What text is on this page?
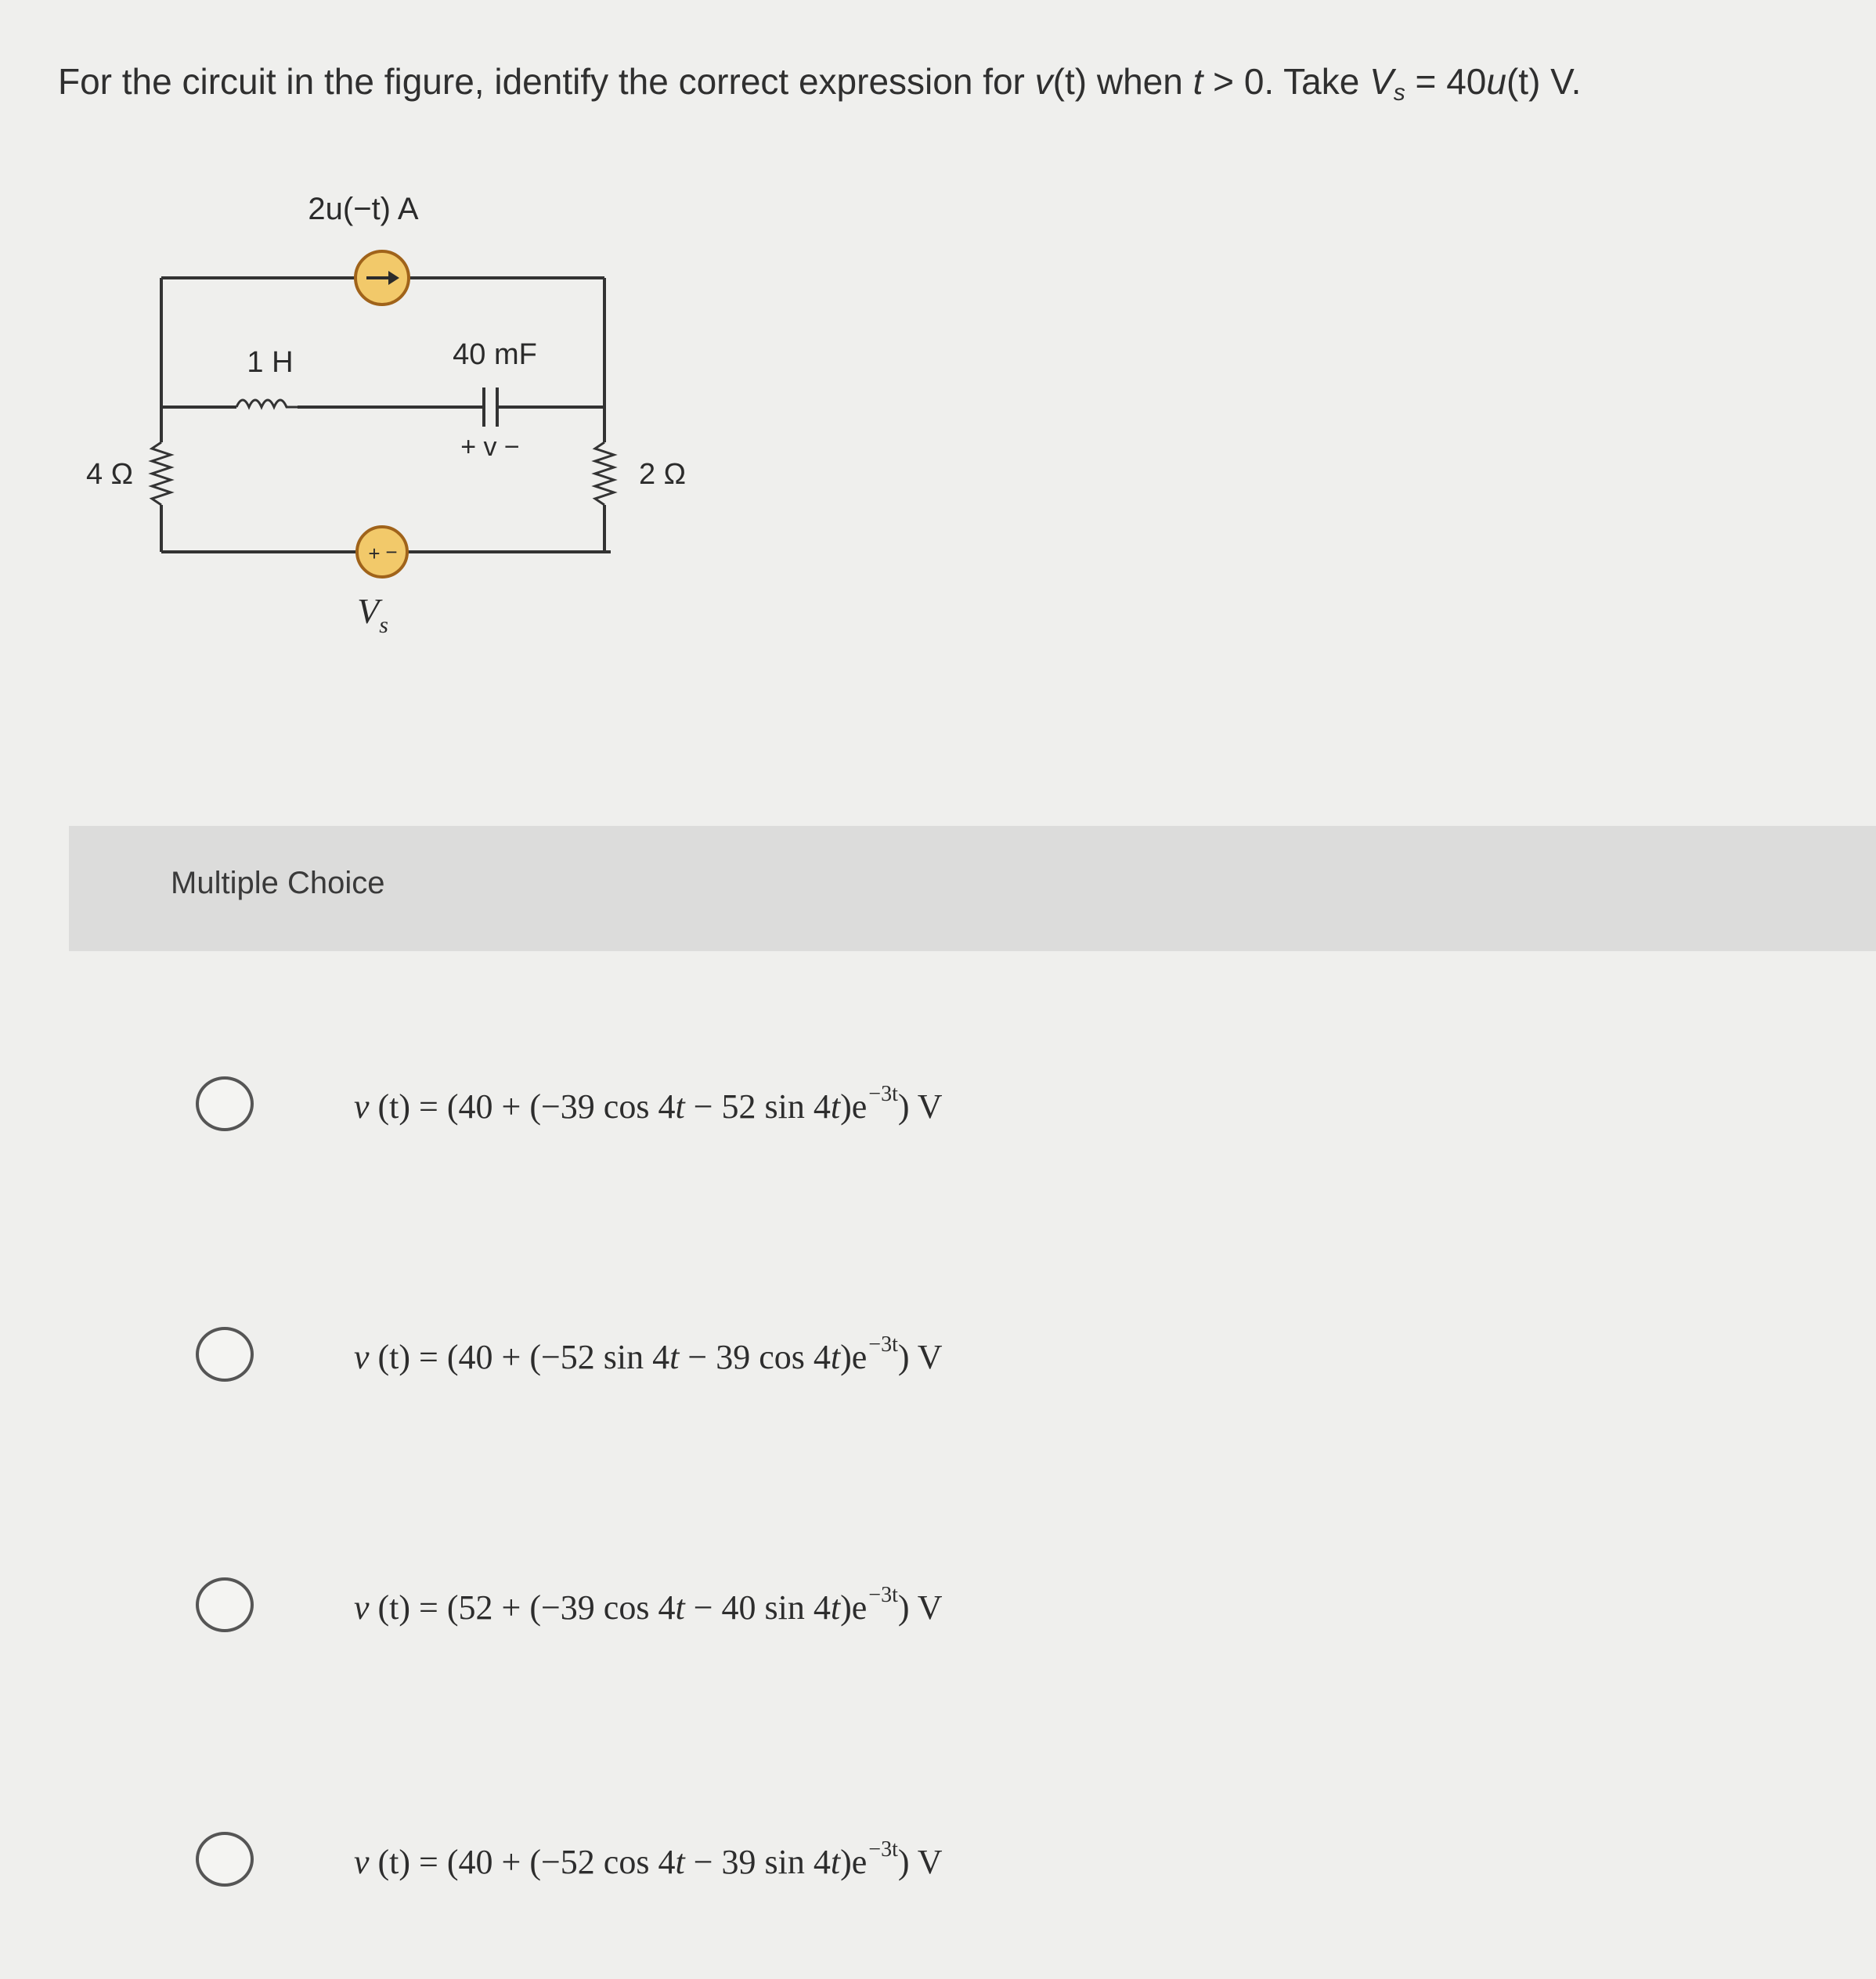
For the circuit in the figure, identify the correct expression for v(t) when t > 0. Take $V_s = 40u(t)$ V.
+ −
2u(−t) A
1 H	40 mF
+ v −
4 Ω	2 Ω
$V_s$
Multiple Choice
v (t) = (40 + (−39 cos 4t − 52 $\sin 4t)e^{-3t}$) V
v (t) = (40 + (−52 sin 4t − 39 $\cos 4t)e^{-3t}$) V
v (t) = (52 + (−39 cos 4t − 40 $\sin 4t)e^{-3t}$) V
v (t) = (40 + (−52 cos 4t − 39 $\sin 4t)e^{-3t}$) V
